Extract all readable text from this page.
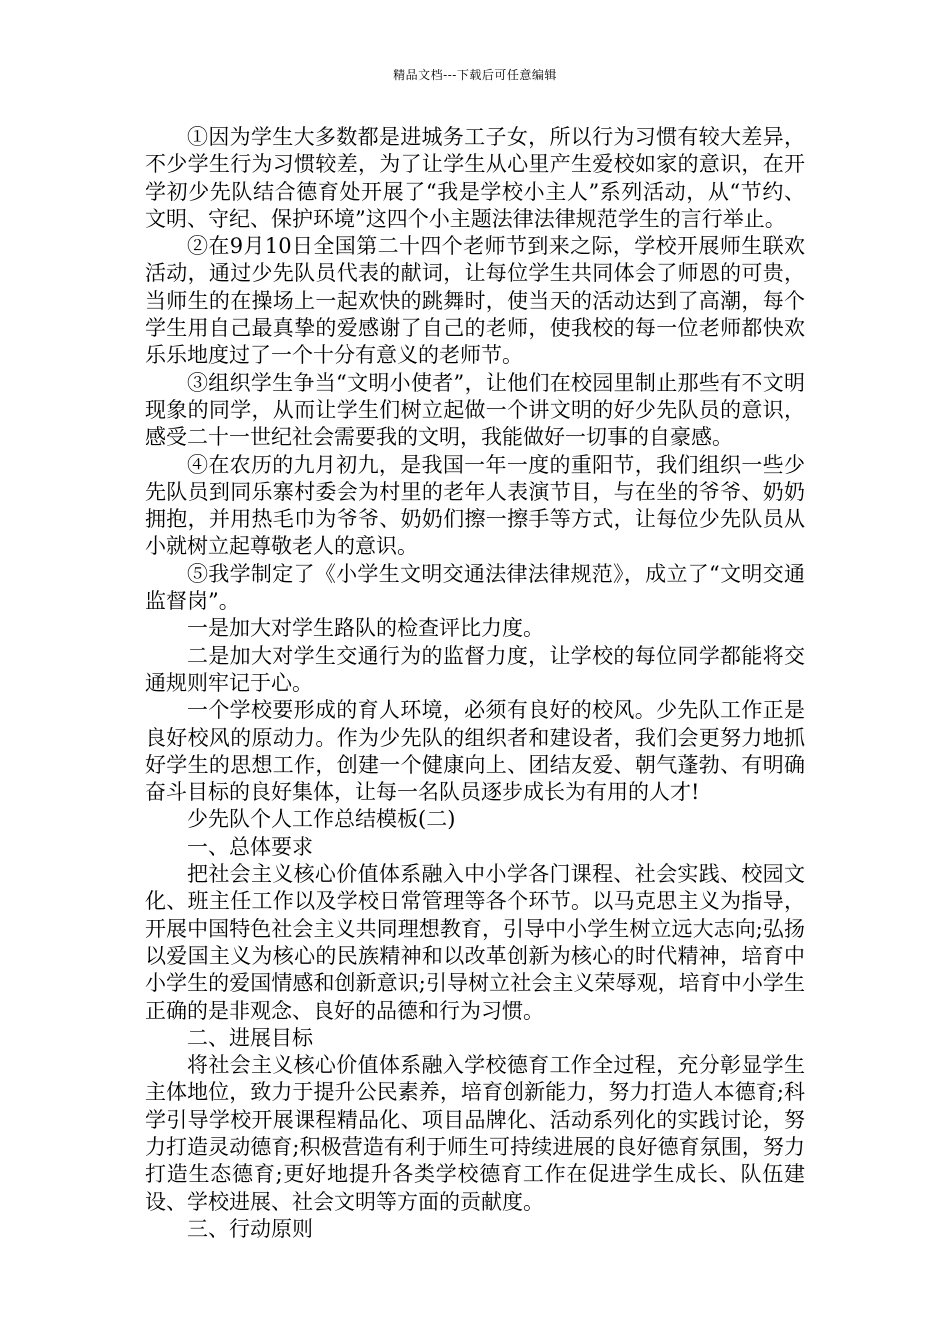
精品文档---下载后可任意编辑

①因为学生大多数都是进城务工子女，所以行为习惯有较大差异，不少学生行为习惯较差，为了让学生从心里产生爱校如家的意识，在开学初少先队结合德育处开展了“我是学校小主人”系列活动，从“节约、文明、守纪、保护环境”这四个小主题法律法律规范学生的言行举止。

②在9月10日全国第二十四个老师节到来之际，学校开展师生联欢活动，通过少先队员代表的献词，让每位学生共同体会了师恩的可贵，当师生的在操场上一起欢快的跳舞时，使当天的活动达到了高潮，每个学生用自己最真挚的爱感谢了自己的老师，使我校的每一位老师都快欢乐乐地度过了一个十分有意义的老师节。

③组织学生争当“文明小使者”，让他们在校园里制止那些有不文明现象的同学，从而让学生们树立起做一个讲文明的好少先队员的意识，感受二十一世纪社会需要我的文明，我能做好一切事的自豪感。

④在农历的九月初九，是我国一年一度的重阳节，我们组织一些少先队员到同乐寨村委会为村里的老年人表演节目，与在坐的爷爷、奶奶拥抱，并用热毛巾为爷爷、奶奶们擦一擦手等方式，让每位少先队员从小就树立起尊敬老人的意识。

⑤我学制定了《小学生文明交通法律法律规范》，成立了“文明交通监督岗”。

一是加大对学生路队的检查评比力度。

二是加大对学生交通行为的监督力度，让学校的每位同学都能将交通规则牢记于心。

一个学校要形成的育人环境，必须有良好的校风。少先队工作正是良好校风的原动力。作为少先队的组织者和建设者，我们会更努力地抓好学生的思想工作，创建一个健康向上、团结友爱、朝气蓬勃、有明确奋斗目标的良好集体，让每一名队员逐步成长为有用的人才!

少先队个人工作总结模板(二)

一、总体要求

把社会主义核心价值体系融入中小学各门课程、社会实践、校园文化、班主任工作以及学校日常管理等各个环节。以马克思主义为指导，开展中国特色社会主义共同理想教育，引导中小学生树立远大志向;弘扬以爱国主义为核心的民族精神和以改革创新为核心的时代精神，培育中小学生的爱国情感和创新意识;引导树立社会主义荣辱观，培育中小学生正确的是非观念、良好的品德和行为习惯。

二、进展目标

将社会主义核心价值体系融入学校德育工作全过程，充分彰显学生主体地位，致力于提升公民素养，培育创新能力，努力打造人本德育;科学引导学校开展课程精品化、项目品牌化、活动系列化的实践讨论，努力打造灵动德育;积极营造有利于师生可持续进展的良好德育氛围，努力打造生态德育;更好地提升各类学校德育工作在促进学生成长、队伍建设、学校进展、社会文明等方面的贡献度。

三、行动原则
